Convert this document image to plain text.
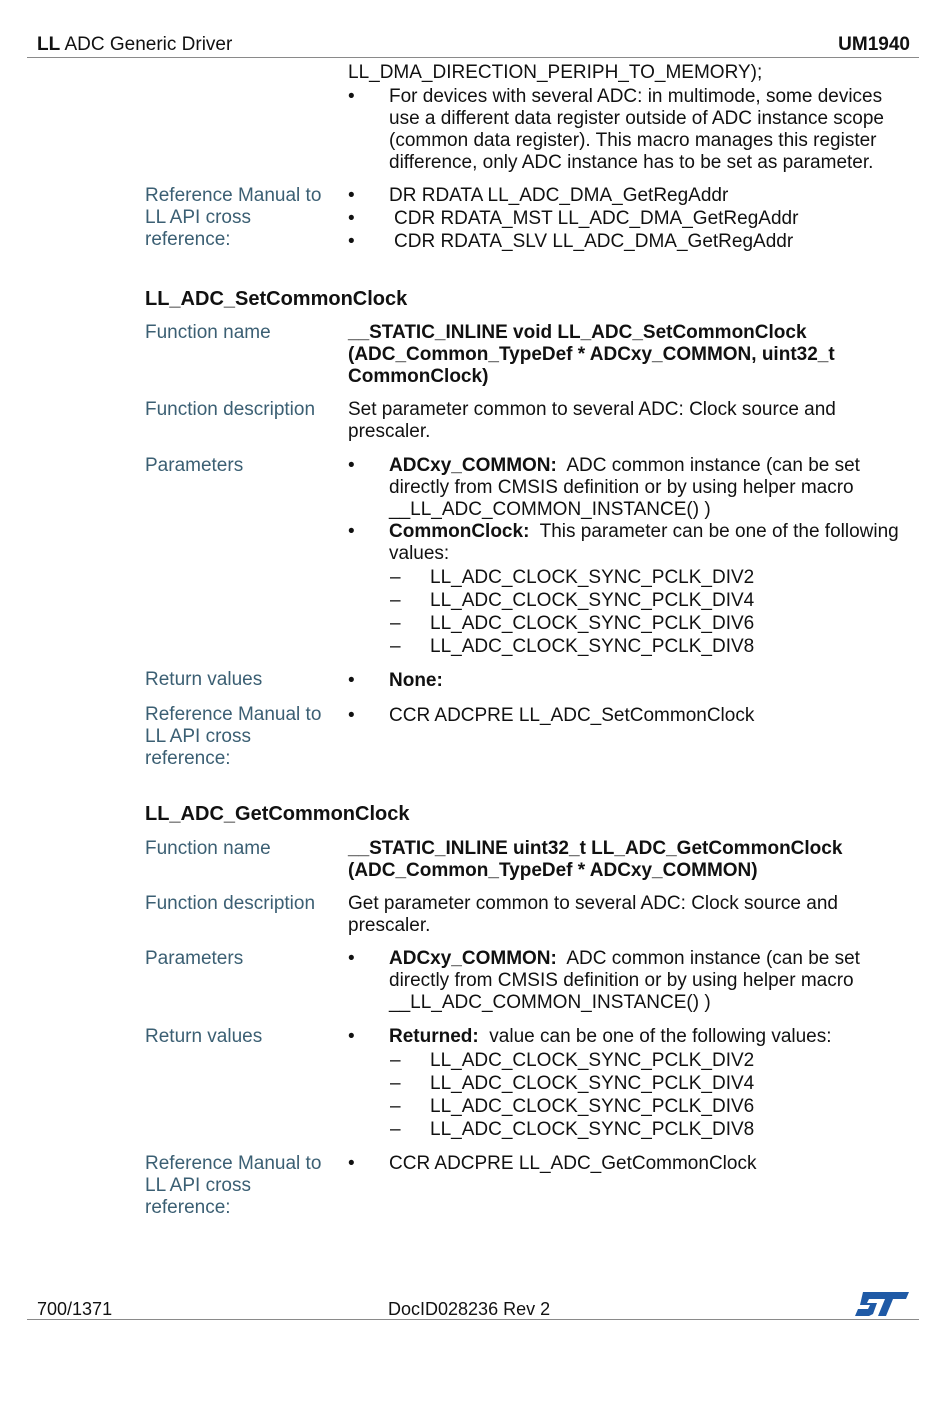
LL ADC Generic Driver	UM1940
LL_DMA_DIRECTION_PERIPH_TO_MEMORY);
•	For devices with several ADC: in multimode, some devices
use a different data register outside of ADC instance scope
(common data register). This macro manages this register
difference, only ADC instance has to be set as parameter.
Reference Manual to
LL API cross
reference:
•	DR RDATA LL_ADC_DMA_GetRegAddr
•	CDR RDATA_MST LL_ADC_DMA_GetRegAddr
•	CDR RDATA_SLV LL_ADC_DMA_GetRegAddr
LL_ADC_SetCommonClock
Function name	__STATIC_INLINE void LL_ADC_SetCommonClock
(ADC_Common_TypeDef * ADCxy_COMMON, uint32_t
CommonClock)
Function description	Set parameter common to several ADC: Clock source and
prescaler.
Parameters	•	ADCxy_COMMON: ADC common instance (can be set
directly from CMSIS definition or by using helper macro
__LL_ADC_COMMON_INSTANCE() )
•	CommonClock: This parameter can be one of the following
values:
– LL_ADC_CLOCK_SYNC_PCLK_DIV2
– LL_ADC_CLOCK_SYNC_PCLK_DIV4
– LL_ADC_CLOCK_SYNC_PCLK_DIV6
– LL_ADC_CLOCK_SYNC_PCLK_DIV8
Return values	•	None:
Reference Manual to
LL API cross
reference:
•	CCR ADCPRE LL_ADC_SetCommonClock
LL_ADC_GetCommonClock
Function name	__STATIC_INLINE uint32_t LL_ADC_GetCommonClock
(ADC_Common_TypeDef * ADCxy_COMMON)
Function description	Get parameter common to several ADC: Clock source and
prescaler.
Parameters	•	ADCxy_COMMON: ADC common instance (can be set
directly from CMSIS definition or by using helper macro
__LL_ADC_COMMON_INSTANCE() )
Return values	•	Returned: value can be one of the following values:
– LL_ADC_CLOCK_SYNC_PCLK_DIV2
– LL_ADC_CLOCK_SYNC_PCLK_DIV4
– LL_ADC_CLOCK_SYNC_PCLK_DIV6
– LL_ADC_CLOCK_SYNC_PCLK_DIV8
Reference Manual to
LL API cross
reference:
•	CCR ADCPRE LL_ADC_GetCommonClock
700/1371	DocID028236 Rev 2
